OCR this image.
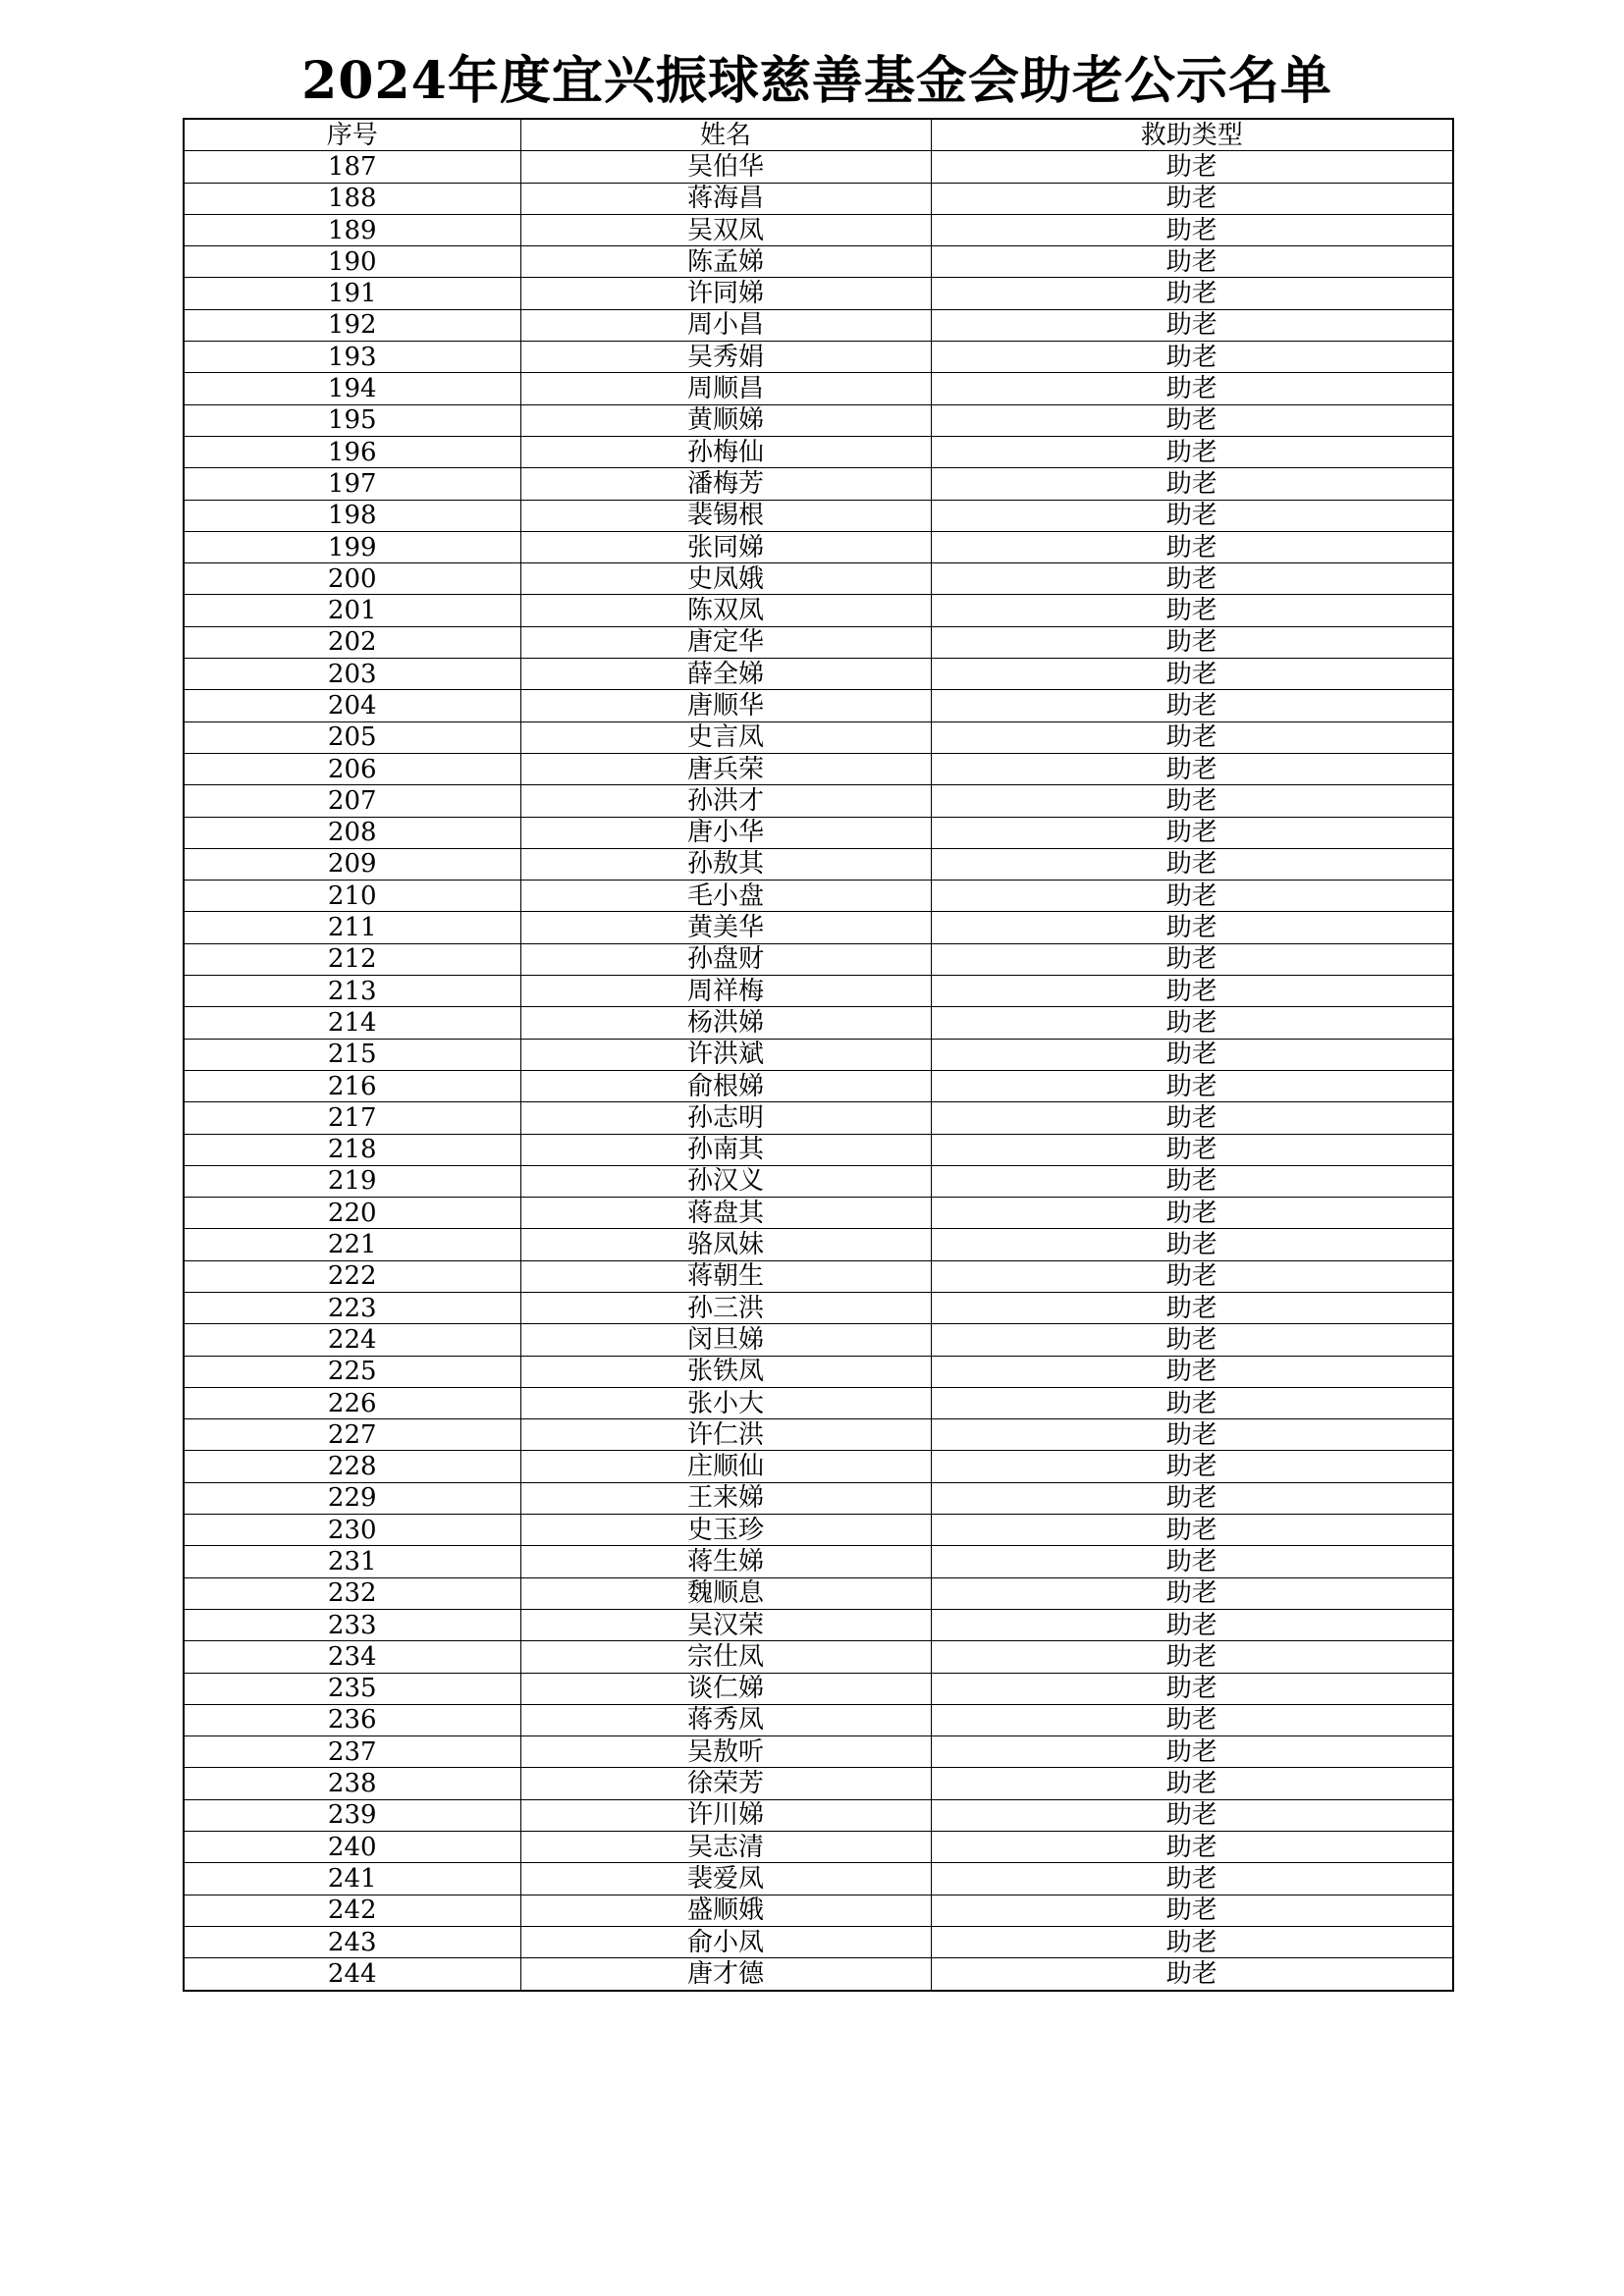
2024年度宜兴振球慈善基金会助老公示名单
序号	姓名	救助类型
187	吴伯华	助老
188	蒋海昌	助老
189	吴双凤	助老
190	陈孟娣	助老
191	许同娣	助老
192	周小昌	助老
193	吴秀娟	助老
194	周顺昌	助老
195	黄顺娣	助老
196	孙梅仙	助老
197	潘梅芳	助老
198	裴锡根	助老
199	张同娣	助老
200	史凤娥	助老
201	陈双凤	助老
202	唐定华	助老
203	薛全娣	助老
204	唐顺华	助老
205	史言凤	助老
206	唐兵荣	助老
207	孙洪才	助老
208	唐小华	助老
209	孙敖其	助老
210	毛小盘	助老
211	黄美华	助老
212	孙盘财	助老
213	周祥梅	助老
214	杨洪娣	助老
215	许洪斌	助老
216	俞根娣	助老
217	孙志明	助老
218	孙南其	助老
219	孙汉义	助老
220	蒋盘其	助老
221	骆凤妹	助老
222	蒋朝生	助老
223	孙三洪	助老
224	闵旦娣	助老
225	张铁凤	助老
226	张小大	助老
227	许仁洪	助老
228	庄顺仙	助老
229	王来娣	助老
230	史玉珍	助老
231	蒋生娣	助老
232	魏顺息	助老
233	吴汉荣	助老
234	宗仕凤	助老
235	谈仁娣	助老
236	蒋秀凤	助老
237	吴敖听	助老
238	徐荣芳	助老
239	许川娣	助老
240	吴志清	助老
241	裴爱凤	助老
242	盛顺娥	助老
243	俞小凤	助老
244	唐才德	助老
